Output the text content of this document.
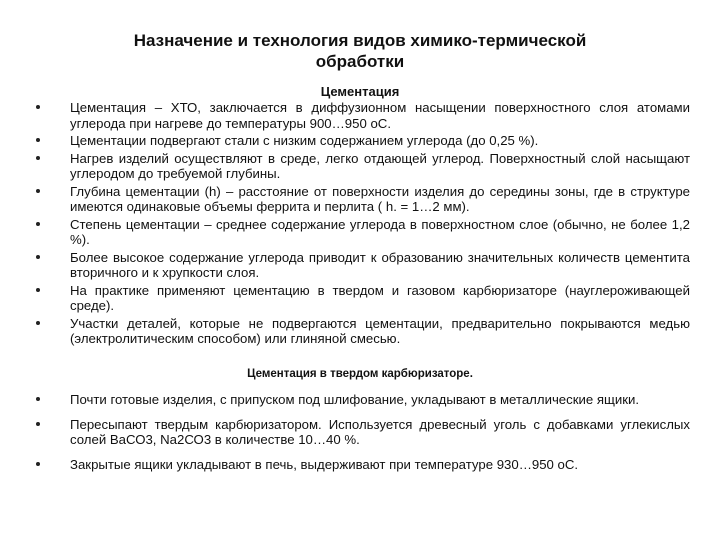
Назначение и технология видов химико-термической
обработки
Цементация
Цементация – ХТО, заключается в диффузионном насыщении поверхностного слоя атомами углерода при нагреве до температуры 900…950 оС.
Цементации подвергают стали с низким содержанием углерода (до 0,25 %).
Нагрев изделий осуществляют в среде, легко отдающей углерод. Поверхностный слой насыщают углеродом до требуемой глубины.
Глубина цементации (h) – расстояние от поверхности изделия до середины зоны, где в структуре имеются одинаковые объемы феррита и перлита ( h. = 1…2 мм).
Степень цементации – среднее содержание углерода в поверхностном слое (обычно, не более 1,2 %).
Более высокое содержание углерода приводит к образованию значительных количеств цементита вторичного и к хрупкости слоя.
На практике применяют цементацию в твердом и газовом карбюризаторе (науглероживающей среде).
Участки деталей, которые не подвергаются цементации, предварительно покрываются медью (электролитическим способом) или глиняной смесью.
Цементация в твердом карбюризаторе.
Почти готовые изделия, с припуском под шлифование, укладывают в металлические ящики.
Пересыпают твердым карбюризатором. Используется древесный уголь с добавками углекислых солей ВаСО3, Nа2СО3 в количестве 10…40 %.
Закрытые ящики укладывают в печь, выдерживают при температуре 930…950 оС.
